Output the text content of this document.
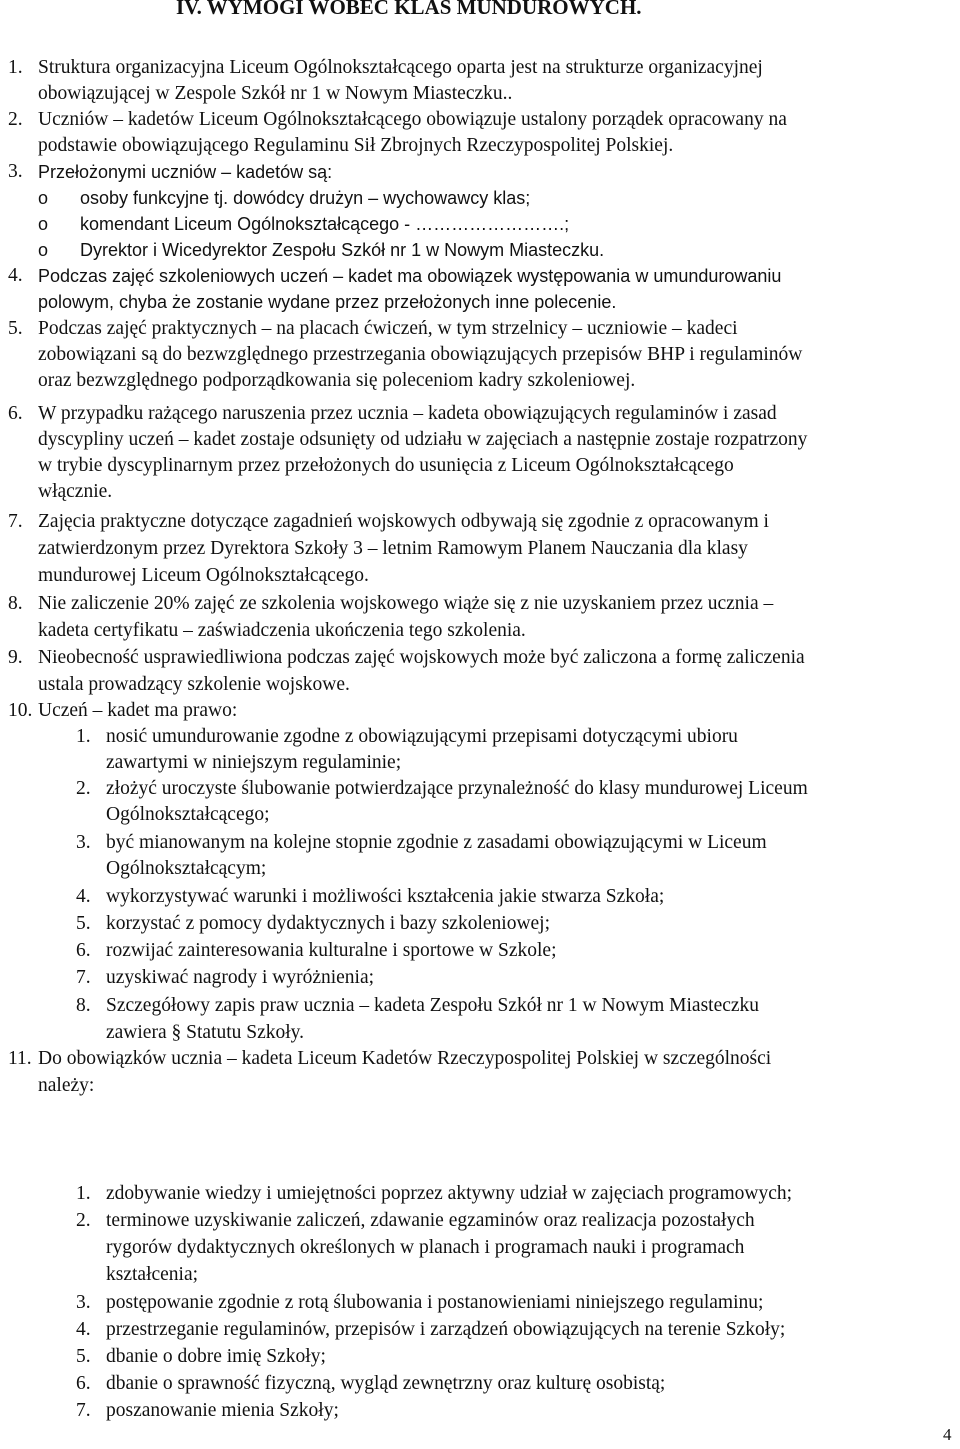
IV. WYMOGI WOBEC KLAS MUNDUROWYCH.
1. Struktura organizacyjna Liceum Ogólnokształcącego oparta jest na strukturze organizacyjnej
obowiązującej w Zespole Szkół nr 1 w Nowym Miasteczku..
2. Uczniów – kadetów Liceum Ogólnokształcącego obowiązuje ustalony porządek opracowany na
podstawie obowiązującego Regulaminu Sił Zbrojnych Rzeczypospolitej Polskiej.
3. Przełożonymi uczniów – kadetów są:
o osoby funkcyjne tj. dowódcy drużyn – wychowawcy klas;
o komendant Liceum Ogólnokształcącego - …………………….;
o Dyrektor i Wicedyrektor Zespołu Szkół nr 1 w Nowym Miasteczku.
4. Podczas zajęć szkoleniowych uczeń – kadet ma obowiązek występowania w umundurowaniu
polowym, chyba że zostanie wydane przez przełożonych inne polecenie.
5. Podczas zajęć praktycznych – na placach ćwiczeń, w tym strzelnicy – uczniowie – kadeci
zobowiązani są do bezwzględnego przestrzegania obowiązujących przepisów BHP i regulaminów
oraz bezwzględnego podporządkowania się poleceniom kadry szkoleniowej.
6. W przypadku rażącego naruszenia przez ucznia – kadeta obowiązujących regulaminów i zasad
dyscypliny uczeń – kadet zostaje odsunięty od udziału w zajęciach a następnie zostaje rozpatrzony
w trybie dyscyplinarnym przez przełożonych do usunięcia z Liceum Ogólnokształcącego
włącznie.
7. Zajęcia praktyczne dotyczące zagadnień wojskowych odbywają się zgodnie z opracowanym i
zatwierdzonym przez Dyrektora Szkoły 3 – letnim Ramowym Planem Nauczania dla klasy
mundurowej Liceum Ogólnokształcącego.
8. Nie zaliczenie 20% zajęć ze szkolenia wojskowego wiąże się z nie uzyskaniem przez ucznia –
kadeta certyfikatu – zaświadczenia ukończenia tego szkolenia.
9. Nieobecność usprawiedliwiona podczas zajęć wojskowych może być zaliczona a formę zaliczenia
ustala prowadzący szkolenie wojskowe.
10. Uczeń – kadet ma prawo:
1. nosić umundurowanie zgodne z obowiązującymi przepisami dotyczącymi ubioru
zawartymi w niniejszym regulaminie;
2. złożyć uroczyste ślubowanie potwierdzające przynależność do klasy mundurowej Liceum
Ogólnokształcącego;
3. być mianowanym na kolejne stopnie zgodnie z zasadami obowiązującymi w Liceum
Ogólnokształcącym;
4. wykorzystywać warunki i możliwości kształcenia jakie stwarza Szkoła;
5. korzystać z pomocy dydaktycznych i bazy szkoleniowej;
6. rozwijać zainteresowania kulturalne i sportowe w Szkole;
7. uzyskiwać nagrody i wyróżnienia;
8. Szczegółowy zapis praw ucznia – kadeta Zespołu Szkół nr 1 w Nowym Miasteczku
zawiera § Statutu Szkoły.
11. Do obowiązków ucznia – kadeta Liceum Kadetów Rzeczypospolitej Polskiej w szczególności
należy:
1. zdobywanie wiedzy i umiejętności poprzez aktywny udział w zajęciach programowych;
2. terminowe uzyskiwanie zaliczeń, zdawanie egzaminów oraz realizacja pozostałych
rygorów dydaktycznych określonych w planach i programach nauki i programach
kształcenia;
3. postępowanie zgodnie z rotą ślubowania i postanowieniami niniejszego regulaminu;
4. przestrzeganie regulaminów, przepisów i zarządzeń obowiązujących na terenie Szkoły;
5. dbanie o dobre imię Szkoły;
6. dbanie o sprawność fizyczną, wygląd zewnętrzny oraz kulturę osobistą;
7. poszanowanie mienia Szkoły;
4
